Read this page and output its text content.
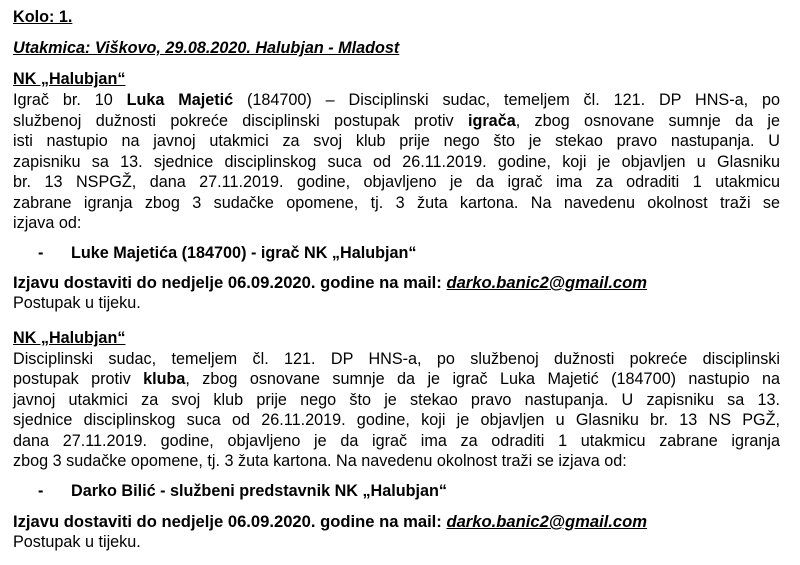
Kolo: 1.
Utakmica: Viškovo, 29.08.2020. Halubjan - Mladost
NK „Halubjan“
Igrač br. 10 Luka Majetić (184700) – Disciplinski sudac, temeljem čl. 121. DP HNS-a, po
službenoj dužnosti pokreće disciplinski postupak protiv igrača, zbog osnovane sumnje da je
isti nastupio na javnoj utakmici za svoj klub prije nego što je stekao pravo nastupanja. U
zapisniku sa 13. sjednice disciplinskog suca od 26.11.2019. godine, koji je objavljen u Glasniku
br. 13 NSPGŽ, dana 27.11.2019. godine, objavljeno je da igrač ima za odraditi 1 utakmicu
zabrane igranja zbog 3 sudačke opomene, tj. 3 žuta kartona. Na navedenu okolnost traži se
izjava od:
- Luke Majetića (184700) - igrač NK „Halubjan“
Izjavu dostaviti do nedjelje 06.09.2020. godine na mail: darko.banic2@gmail.com
Postupak u tijeku.
NK „Halubjan“
Disciplinski sudac, temeljem čl. 121. DP HNS-a, po službenoj dužnosti pokreće disciplinski
postupak protiv kluba, zbog osnovane sumnje da je igrač Luka Majetić (184700) nastupio na
javnoj utakmici za svoj klub prije nego što je stekao pravo nastupanja. U zapisniku sa 13.
sjednice disciplinskog suca od 26.11.2019. godine, koji je objavljen u Glasniku br. 13 NS PGŽ,
dana 27.11.2019. godine, objavljeno je da igrač ima za odraditi 1 utakmicu zabrane igranja
zbog 3 sudačke opomene, tj. 3 žuta kartona. Na navedenu okolnost traži se izjava od:
- Darko Bilić - službeni predstavnik NK „Halubjan“
Izjavu dostaviti do nedjelje 06.09.2020. godine na mail: darko.banic2@gmail.com
Postupak u tijeku.
